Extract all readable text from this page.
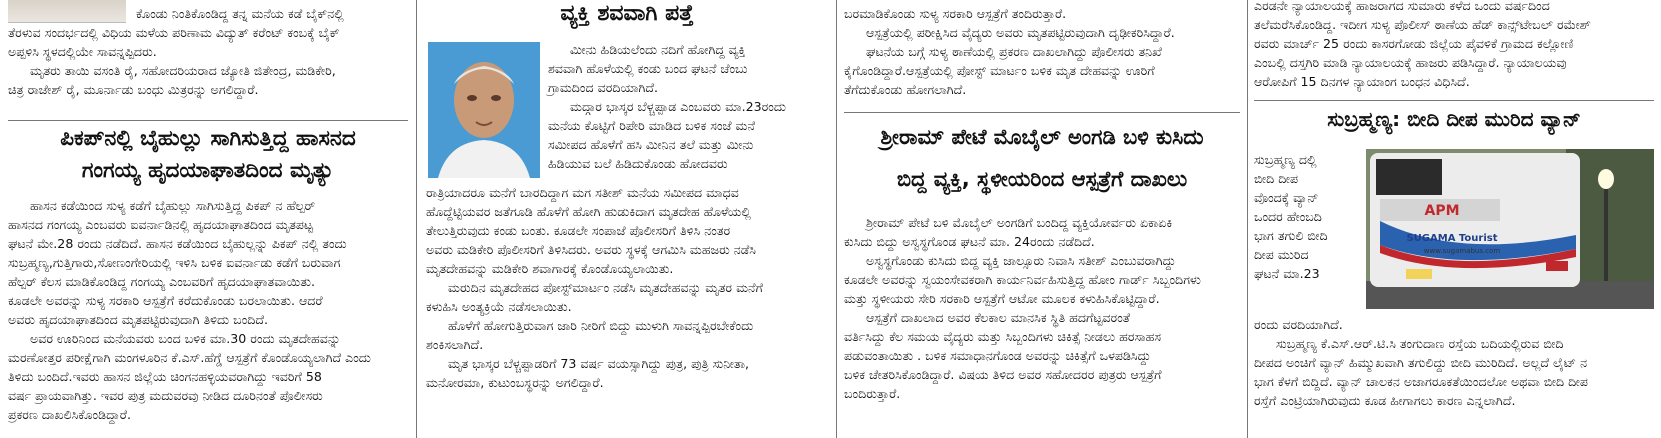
ಕೊಂಡು ನಿಂತಿಕೊಂಡಿದ್ದ ತನ್ನ ಮನೆಯ ಕಡೆ ಬೈಕ್‌ನಲ್ಲಿ

ತೆರಳುವ ಸಂದರ್ಭದಲ್ಲಿ ವಿಧಿಯ ಮಳೆಯ ಪರಿಣಾಮ ವಿದ್ಯುತ್ ಕರೆಂಟ್ ಕಂಬಕ್ಕೆ ಬೈಕ್

ಅಪ್ಪಳಿಸಿ ಸ್ಥಳದಲ್ಲಿಯೇ ಸಾವನ್ನಪ್ಪಿದರು.

ಮೃತರು ತಾಯಿ ವಸಂತಿ ರೈ, ಸಹೋದರಿಯರಾದ ಜ್ಯೋತಿ ಜಿತೇಂದ್ರ, ಮಡಿಕೇರಿ,

ಚಿತ್ರ ರಾಜೇಶ್ ರೈ, ಮೂರ್ನಾಡು ಬಂಧು ಮಿತ್ರರನ್ನು ಅಗಲಿದ್ದಾರೆ.

ಪಿಕಪ್‌ನಲ್ಲಿ ಬೈಹುಲ್ಲು ಸಾಗಿಸುತ್ತಿದ್ದ ಹಾಸನದ
ಗಂಗಯ್ಯ ಹೃದಯಾಘಾತದಿಂದ ಮೃತ್ಯು

ಹಾಸನ ಕಡೆಯಿಂದ ಸುಳ್ಯ ಕಡೆಗೆ ಬೈಹುಲ್ಲು ಸಾಗಿಸುತ್ತಿದ್ದ ಪಿಕಪ್ ನ ಹೆಲ್ಪರ್

ಹಾಸನದ ಗಂಗಯ್ಯ ಎಂಬವರು ಐವರ್ನಾಡಿನಲ್ಲಿ ಹೃದಯಾಘಾತದಿಂದ ಮೃತಪಟ್ಟ

ಘಟನೆ ಮೇ.28 ರಂದು ನಡೆದಿದೆ. ಹಾಸನ ಕಡೆಯಿಂದ ಬೈಹುಲ್ಲನ್ನು ಪಿಕಪ್ ನಲ್ಲಿ ತಂದು

ಸುಬ್ರಹ್ಮಣ್ಯ,ಗುತ್ತಿಗಾರು,ಸೋಣಂಗೇರಿಯಲ್ಲಿ ಇಳಿಸಿ ಬಳಿಕ ಐವರ್ನಾಡು ಕಡೆಗೆ ಬರುವಾಗ

ಹೆಲ್ಪರ್ ಕೆಲಸ ಮಾಡಿಕೊಂಡಿದ್ದ ಗಂಗಯ್ಯ ಎಂಬವರಿಗೆ ಹೃದಯಾಘಾತವಾಯಿತು.

ಕೂಡಲೇ ಅವರನ್ನು ಸುಳ್ಯ ಸರಕಾರಿ ಆಸ್ಪತ್ರೆಗೆ ಕರೆದುಕೊಂಡು ಬರಲಾಯಿತು. ಆದರೆ

ಅವರು ಹೃದಯಾಘಾತದಿಂದ ಮೃತಪಟ್ಟಿರುವುದಾಗಿ ತಿಳಿದು ಬಂದಿದೆ.

ಅವರ ಊರಿನಿಂದ ಮನೆಯವರು ಬಂದ ಬಳಿಕ ಮಾ.30 ರಂದು ಮೃತದೇಹವನ್ನು

ಮರಣೋತ್ತರ ಪರೀಕ್ಷೆಗಾಗಿ ಮಂಗಳೂರಿನ ಕೆ.ಎಸ್.ಹೆಗ್ಡೆ ಆಸ್ಪತ್ರೆಗೆ ಕೊಂಡೊಯ್ಯಲಾಗಿದೆ ಎಂದು

ತಿಳಿದು ಬಂದಿದೆ.ಇವರು ಹಾಸನ ಜಿಲ್ಲೆಯ ಚಿಂಗನಹಳ್ಳಿಯವರಾಗಿದ್ದು ಇವರಿಗೆ 58

ವರ್ಷ ಪ್ರಾಯವಾಗಿತ್ತು. ಇವರ ಪುತ್ರ ಮದುವರವು ನೀಡಿದ ದೂರಿನಂತೆ ಪೊಲೀಸರು

ಪ್ರಕರಣ ದಾಖಲಿಸಿಕೊಂಡಿದ್ದಾರೆ.

ವ್ಯಕ್ತಿ ಶವವಾಗಿ ಪತ್ತೆ

ಮೀನು ಹಿಡಿಯಲೆಂದು ನದಿಗೆ ಹೋಗಿದ್ದ ವ್ಯಕ್ತಿ

ಶವವಾಗಿ ಹೊಳೆಯಲ್ಲಿ ಕಂಡು ಬಂದ ಘಟನೆ ಚೆಂಬು

ಗ್ರಾಮದಿಂದ ವರದಿಯಾಗಿದೆ.

ಮದ್ಗಾರ ಭಾಸ್ಕರ ಬೆಳ್ಚಪ್ಪಾಡ ಎಂಬವರು ಮಾ.23ರಂದು

ಮನೆಯ ಕೊಟ್ಟಿಗೆ ರಿಪೇರಿ ಮಾಡಿದ ಬಳಿಕ ಸಂಜೆ ಮನೆ

ಸಮೀಪದ ಹೊಳೆಗೆ ಹಸಿ ಮೀನಿನ ತಲೆ ಮತ್ತು ಮೀನು

ಹಿಡಿಯುವ ಬಲೆ ಹಿಡಿದುಕೊಂಡು ಹೋದವರು

ರಾತ್ರಿಯಾದರೂ ಮನೆಗೆ ಬಾರದಿದ್ದಾಗ ಮಗ ಸತೀಶ್ ಮನೆಯ ಸಮೀಪದ ಮಾಧವ

ಹೊದ್ದೆಟ್ಟಿಯವರ ಜತೆಗೂಡಿ ಹೊಳೆಗೆ ಹೋಗಿ ಹುಡುಕಿದಾಗ ಮೃತದೇಹ ಹೊಳೆಯಲ್ಲಿ

ತೇಲುತ್ತಿರುವುದು ಕಂಡು ಬಂತು. ಕೂಡಲೇ ಸಂಪಾಜೆ ಪೊಲೀಸರಿಗೆ ತಿಳಿಸಿ ನಂತರ

ಅವರು ಮಡಿಕೇರಿ ಪೊಲೀಸರಿಗೆ ತಿಳಿಸಿದರು. ಅವರು ಸ್ಥಳಕ್ಕೆ ಆಗಮಿಸಿ ಮಹಜರು ನಡೆಸಿ

ಮೃತದೇಹವನ್ನು ಮಡಿಕೇರಿ ಶವಾಗಾರಕ್ಕೆ ಕೊಂಡೊಯ್ಯಲಾಯಿತು.

ಮರುದಿನ ಮೃತದೇಹದ ಪೋಸ್ಟ್‌ಮಾರ್ಟಂ ನಡೆಸಿ ಮೃತದೇಹವನ್ನು ಮೃತರ ಮನೆಗೆ

ಕಳುಹಿಸಿ ಅಂತ್ಯಕ್ರಿಯೆ ನಡೆಸಲಾಯಿತು.

ಹೊಳೆಗೆ ಹೋಗುತ್ತಿರುವಾಗ ಜಾರಿ ನೀರಿಗೆ ಬಿದ್ದು ಮುಳುಗಿ ಸಾವನ್ನಪ್ಪಿರಬೇಕೆಂದು

ಶಂಕಿಸಲಾಗಿದೆ.

ಮೃತ ಭಾಸ್ಕರ ಬೆಳ್ಚಪ್ಪಾಡರಿಗೆ 73 ವರ್ಷ ವಯಸ್ಸಾಗಿದ್ದು ಪುತ್ರ, ಪುತ್ರಿ ಸುನೀತಾ,

ಮನೋರಮಾ, ಕುಟುಂಬಸ್ಥರನ್ನು ಅಗಲಿದ್ದಾರೆ.

ಬರಮಾಡಿಕೊಂಡು ಸುಳ್ಯ ಸರಕಾರಿ ಆಸ್ಪತ್ರೆಗೆ ತಂದಿರುತ್ತಾರೆ.

ಆಸ್ಪತ್ರೆಯಲ್ಲಿ ಪರೀಕ್ಷಿಸಿದ ವೈದ್ಯರು ಅವರು ಮೃತಪಟ್ಟಿರುವುದಾಗಿ ದೃಢೀಕರಿಸಿದ್ದಾರೆ.

ಘಟನೆಯ ಬಗ್ಗೆ ಸುಳ್ಯ ಠಾಣೆಯಲ್ಲಿ ಪ್ರಕರಣ ದಾಖಲಾಗಿದ್ದು ಪೊಲೀಸರು ತನಿಖೆ

ಕೈಗೊಂಡಿದ್ದಾರೆ.ಆಸ್ಪತ್ರೆಯಲ್ಲಿ ಪೋಸ್ಟ್ ಮಾರ್ಟಂ ಬಳಿಕ ಮೃತ ದೇಹವನ್ನು ಊರಿಗೆ

ತೆಗೆದುಕೊಂಡು ಹೋಗಲಾಗಿದೆ.

ಶ್ರೀರಾಮ್ ಪೇಟೆ ಮೊಬೈಲ್ ಅಂಗಡಿ ಬಳಿ ಕುಸಿದು
ಬಿದ್ದ ವ್ಯಕ್ತಿ, ಸ್ಥಳೀಯರಿಂದ ಆಸ್ಪತ್ರೆಗೆ ದಾಖಲು

ಶ್ರೀರಾಮ್ ಪೇಟೆ ಬಳಿ ಮೊಬೈಲ್ ಅಂಗಡಿಗೆ ಬಂದಿದ್ದ ವ್ಯಕ್ತಿಯೋರ್ವರು ಏಕಾಏಕಿ

ಕುಸಿದು ಬಿದ್ದು ಅಸ್ವಸ್ಥಗೊಂಡ ಘಟನೆ ಮಾ. 24ರಂದು ನಡೆದಿದೆ.

ಅಸ್ವಸ್ಥಗೊಂಡು ಕುಸಿದು ಬಿದ್ದ ವ್ಯಕ್ತಿ ಜಾಲ್ಸೂರು ನಿವಾಸಿ ಸತೀಶ್ ಎಂಬುವರಾಗಿದ್ದು

ಕೂಡಲೇ ಅವರನ್ನು ಸ್ವಯಂಸೇವಕರಾಗಿ ಕಾರ್ಯನಿರ್ವಹಿಸುತ್ತಿದ್ದ ಹೋಂ ಗಾರ್ಡ್ ಸಿಬ್ಬಂದಿಗಳು

ಮತ್ತು ಸ್ಥಳೀಯರು ಸೇರಿ ಸರಕಾರಿ ಆಸ್ಪತ್ರೆಗೆ ಆಟೋ ಮೂಲಕ ಕಳುಹಿಸಿಕೊಟ್ಟಿದ್ದಾರೆ.

ಆಸ್ಪತ್ರೆಗೆ ದಾಖಲಾದ ಅವರ ಕೆಲಕಾಲ ಮಾನಸಿಕ ಸ್ಥಿತಿ ಹದಗೆಟ್ಟವರಂತೆ

ವರ್ತಿಸಿದ್ದು ಕೆಲ ಸಮಯ ವೈದ್ಯರು ಮತ್ತು ಸಿಬ್ಬಂದಿಗಳು ಚಿಕಿತ್ಸೆ ನೀಡಲು ಹರಸಾಹಸ

ಪಡುವಂತಾಯಿತು . ಬಳಿಕ ಸಮಾಧಾನಗೊಂಡ ಅವರನ್ನು ಚಿಕಿತ್ಸೆಗೆ ಒಳಪಡಿಸಿದ್ದು

ಬಳಿಕ ಚೇತರಿಸಿಕೊಂಡಿದ್ದಾರೆ. ವಿಷಯ ತಿಳಿದ ಅವರ ಸಹೋದರರ ಪುತ್ರರು ಆಸ್ಪತ್ರೆಗೆ

ಬಂದಿರುತ್ತಾರೆ.

ಎರಡನೇ ನ್ಯಾಯಾಲಯಕ್ಕೆ ಹಾಜರಾಗದ ಸುಮಾರು ಕಳೆದ ಒಂದು ವರ್ಷದಿಂದ

ತಲೆಮರೆಸಿಕೊಂಡಿದ್ದ. ಇದೀಗ ಸುಳ್ಯ ಪೊಲೀಸ್ ಠಾಣೆಯ ಹೆಡ್ ಕಾನ್ಸ್‌ಟೇಬಲ್ ರಮೇಶ್

ರವರು ಮಾರ್ಚ್ 25 ರಂದು ಕಾಸರಗೋಡು ಜಿಲ್ಲೆಯ ಪೈವಳಿಕೆ ಗ್ರಾಮದ ಕಲ್ಲೋಣಿ

ಎಂಬಲ್ಲಿ ದಸ್ತಗಿರಿ ಮಾಡಿ ನ್ಯಾಯಾಲಯಕ್ಕೆ ಹಾಜರು ಪಡಿಸಿದ್ದಾರೆ. ನ್ಯಾಯಾಲಯವು

ಆರೋಪಿಗೆ 15 ದಿನಗಳ ನ್ಯಾಯಾಂಗ ಬಂಧನ ವಿಧಿಸಿದೆ.

ಸುಬ್ರಹ್ಮಣ್ಯ: ಬೀದಿ ದೀಪ ಮುರಿದ ವ್ಯಾನ್

ಸುಬ್ರಹ್ಮಣ್ಯ ದಲ್ಲಿ

ಬೀದಿ ದೀಪ

ವೊಂದಕ್ಕೆ ವ್ಯಾನ್

ಒಂದರ ಹೇಂಬದಿ

ಭಾಗ ತಗುಲಿ ಬೀದಿ

ದೀಪ ಮುರಿದ

ಘಟನೆ ಮಾ.23

APM
SUGAMA Tourist
www.sugamabus.com

ರಂದು ವರದಿಯಾಗಿದೆ.

ಸುಬ್ರಹ್ಮಣ್ಯ ಕೆ.ಎಸ್.ಆರ್.ಟಿ.ಸಿ ತಂಗುದಾಣ ರಸ್ತೆಯ ಬದಿಯಲ್ಲಿರುವ ಬೀದಿ

ದೀಪದ ಅಂಚಿಗೆ ವ್ಯಾನ್ ಹಿಮ್ಮುಖವಾಗಿ ತಗುಲಿದ್ದು ಬೀದಿ ಮುರಿದಿದೆ. ಅಲ್ಲದೆ ಲೈಟ್ ನ

ಭಾಗ ಕೆಳಗೆ ಬಿದ್ದಿದೆ. ವ್ಯಾನ್ ಚಾಲಕನ ಅಜಾಗರೂಕತೆಯಿಂದಲೋ ಅಥವಾ ಬೀದಿ ದೀಪ

ರಸ್ತೆಗೆ ಎಂಟ್ರಿಯಾಗಿರುವುದು ಕೂಡ ಹೀಗಾಗಲು ಕಾರಣ ಎನ್ನಲಾಗಿದೆ.
